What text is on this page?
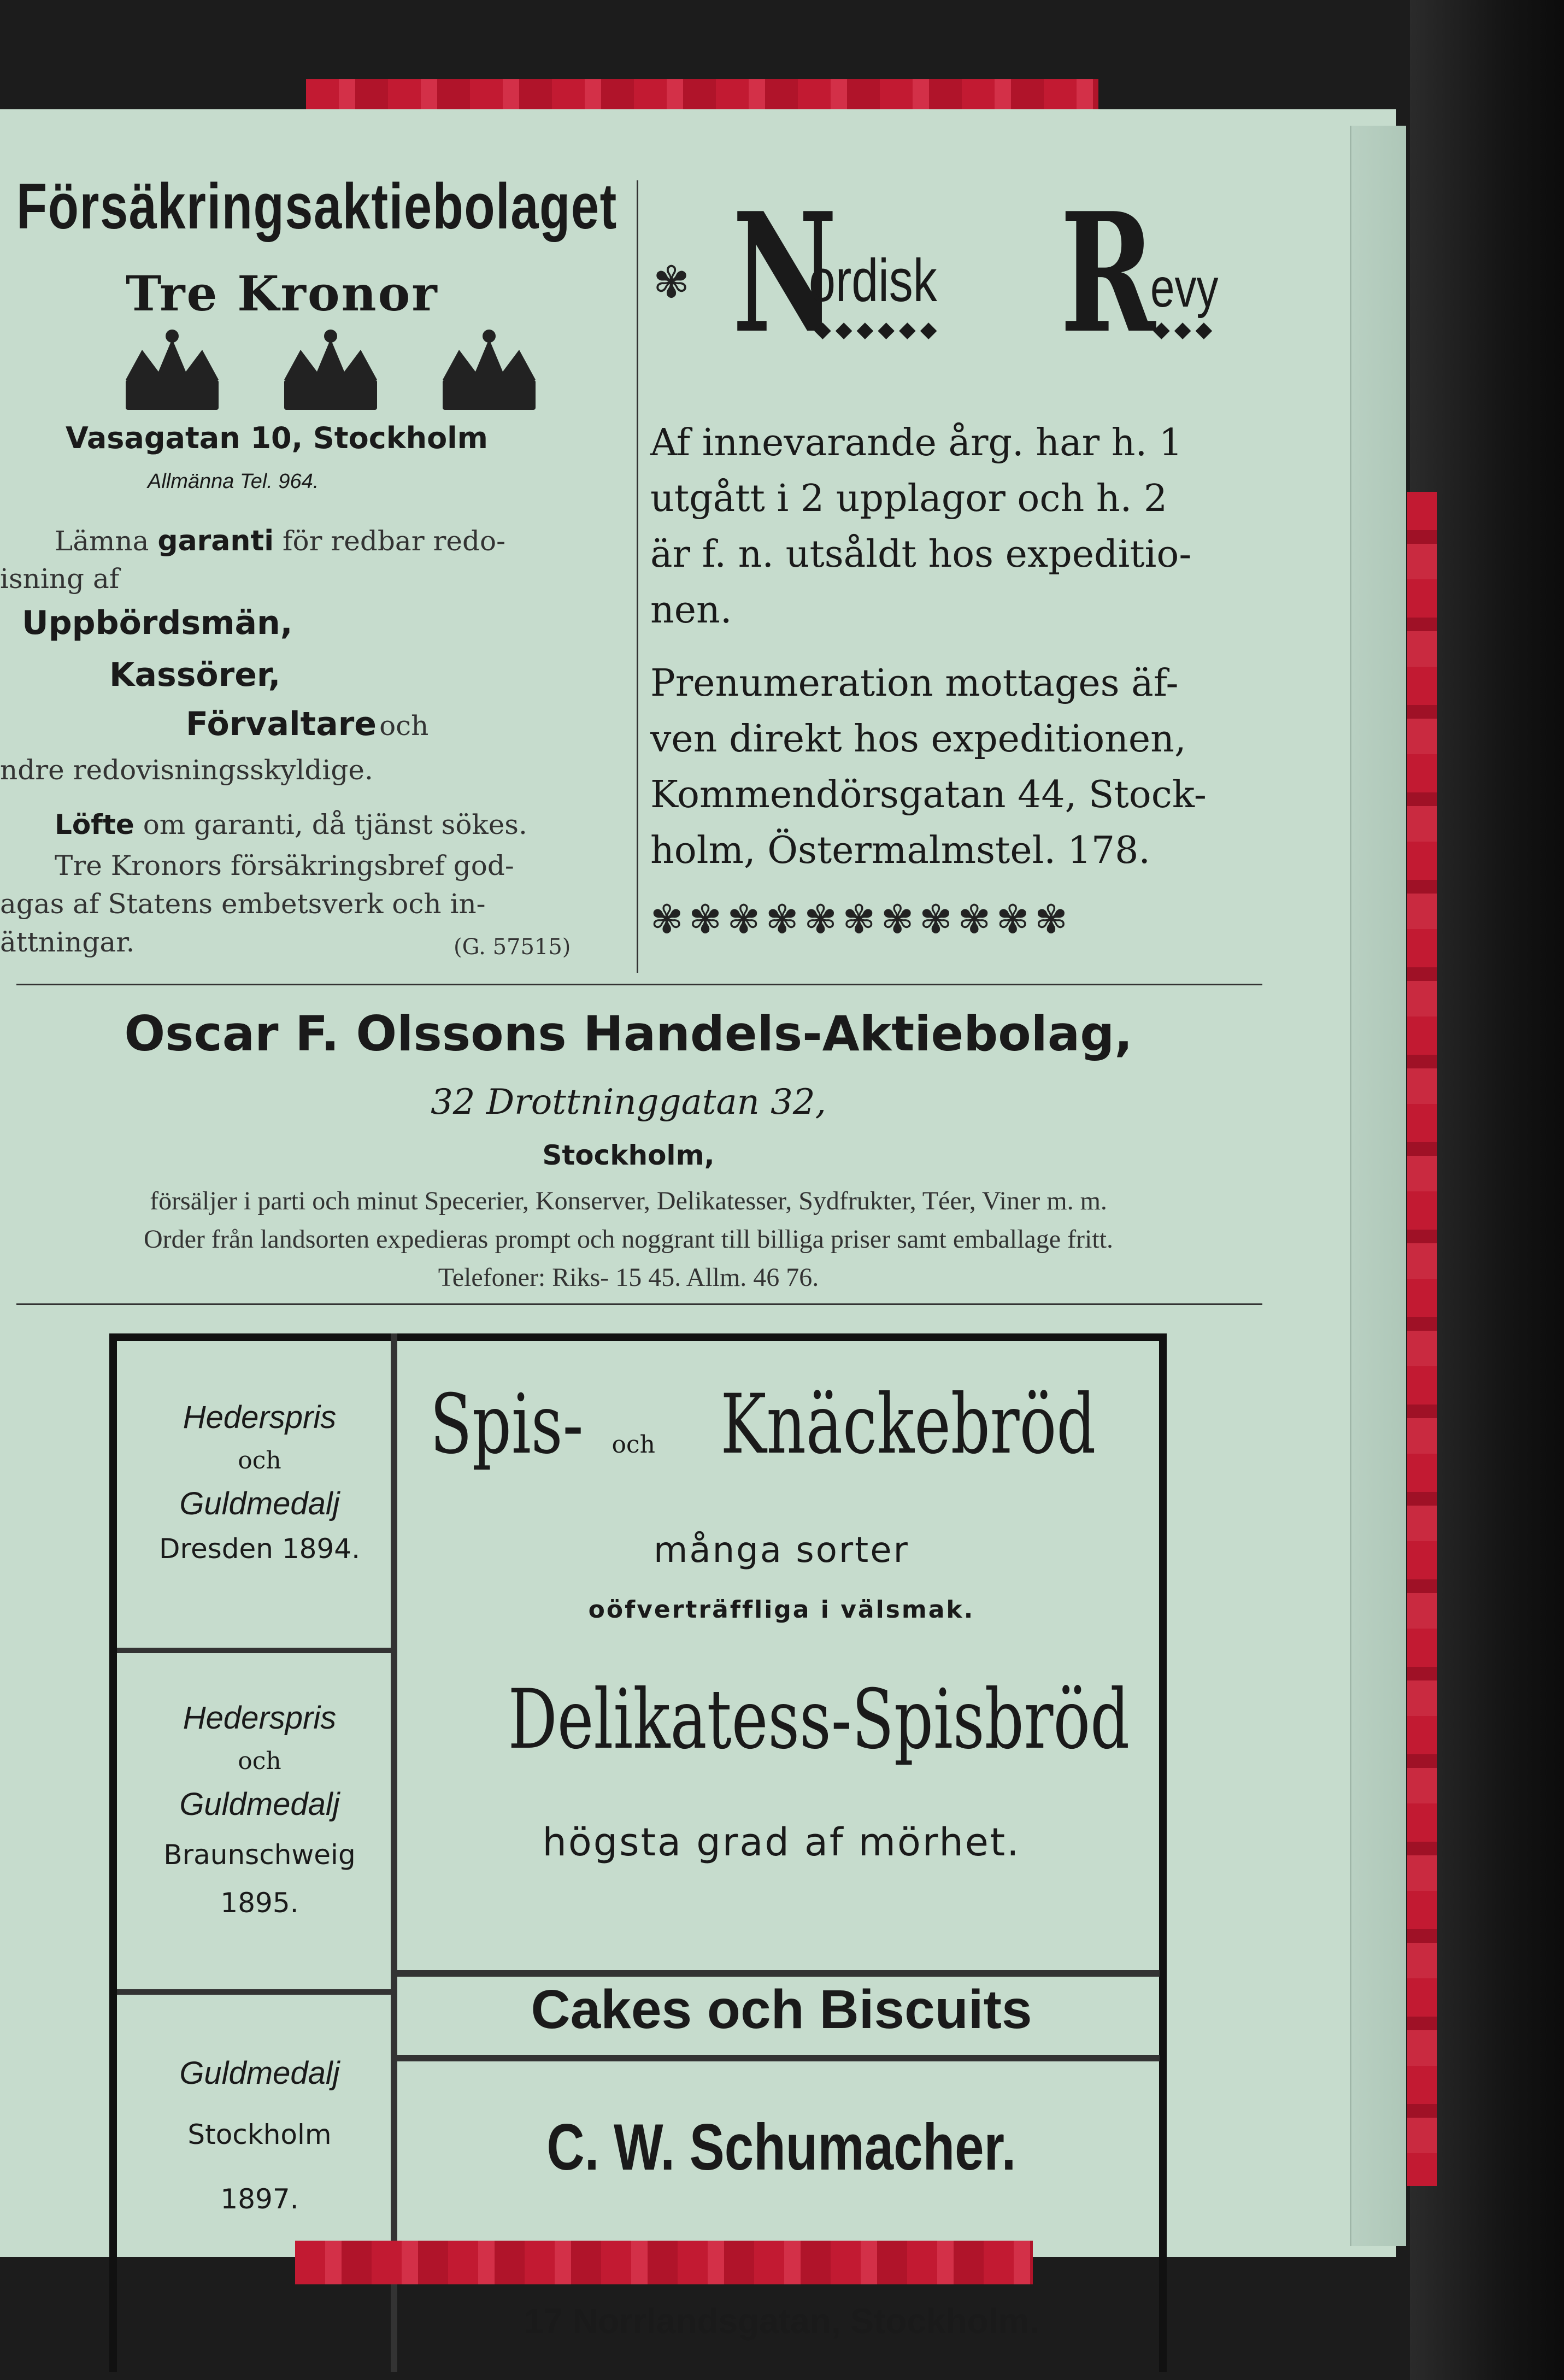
Försäkringsaktiebolaget
Tre Kronor
Vasagatan 10, Stockholm
Allmänna Tel. 964.
Lämna garanti för redbar redo-
isning af
Uppbördsmän,
Kassörer,
Förvaltare och
ndre redovisningsskyldige.
Löfte om garanti, då tjänst sökes.
Tre Kronors försäkringsbref god-
agas af Statens embetsverk och in-
ättningar.	(G. 57515)
✾ N
ordisk
◆◆◆◆◆◆ R
evy
◆◆◆
Af innevarande årg. har h. 1
utgått i 2 upplagor och h. 2
är f. n. utsåldt hos expeditio-
nen.
Prenumeration mottages äf-
ven direkt hos expeditionen,
Kommendörsgatan 44, Stock-
holm, Östermalmstel. 178.
✾✾✾✾✾✾✾✾✾✾✾
Oscar F. Olssons Handels-Aktiebolag,
32 Drottninggatan 32,
Stockholm,
försäljer i parti och minut Specerier, Konserver, Delikatesser, Sydfrukter, Téer, Viner m. m.
Order från landsorten expedieras prompt och noggrant till billiga priser samt emballage fritt.
Telefoner: Riks- 15 45. Allm. 46 76.
Hederspris
och
Guldmedalj
Dresden 1894.
Hederspris
och
Guldmedalj
Braunschweig
1895.
Guldmedalj
Stockholm
1897.
Spis- och Knäckebröd
många sorter
oöfverträffliga i välsmak.
Delikatess-Spisbröd
högsta grad af mörhet.
Cakes och Biscuits
C. W. Schumacher.
17 Norrlandsgatan, Stockholm.
